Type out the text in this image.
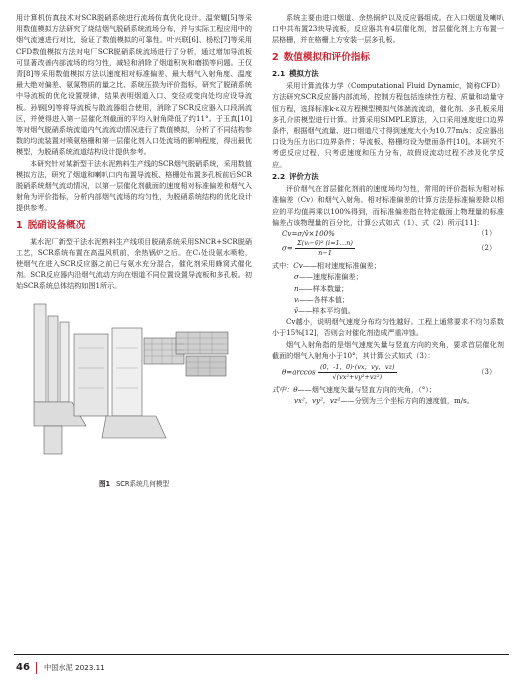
用计算机仿真技术对SCR脱硝系统进行流场仿真优化设计。温荣耀[5]等采用数值模拟方法研究了烧结烟气脱硝系统流场分布，并与实际工程应用中的烟气流速进行对比，验证了数值模拟的可靠性。叶兴联[6]、杨松[7]等采用CFD数值模拟方法对电厂SCR脱硝系统流场进行了分析，通过增加导流板可显著改善内部流场的均匀性，减轻和消除了烟道积灰和磨损等问题。王仅青[8]等采用数值模拟方法以速度相对标准偏差、最大烟气入射角度、温度最大绝对偏差、氨氮物质的量之比、系统压损为评价指标，研究了脱硝系统中导流板的优化设置规律，结果表明烟道入口、变径或变向处均应设导流板。孙钢[9]等将导流板与散流器组合使用，消除了SCR反应器入口段涡流区，并使得进入第一层催化剂截面的平均入射角降低了约11°。于玉真[10]等对烟气脱硝系统流道内气流流动情况进行了数值模拟，分析了不同结构参数的均流装置对喷氨格栅和第一层催化剂入口处流场的影响程度，得出最优模型，为脱硝系统流道结构设计提供参考。

本研究针对某新型干法水泥熟料生产线的SCR烟气脱硝系统，采用数值模拟方法，研究了烟道和喇叭口内布置导流板、格栅处布置多孔板前后SCR脱硝系统烟气流动情况，以第一层催化剂截面的速度相对标准偏差和烟气入射角为评价指标，分析内部烟气流场的均匀性，为脱硝系统结构的优化设计提供参考。

1 脱硝设备概况

某水泥厂新型干法水泥熟料生产线项目脱硝系统采用SNCR+SCR脱硝工艺，SCR系统布置在高温风机前，余热锅炉之后。在C₁处设氨水喷枪，使烟气在进入SCR反应器之前已与氨水充分混合，催化剂采用蜂窝式催化剂。SCR反应器内沿烟气流动方向在烟道不同位置设置导流板和多孔板。初始SCR系统总体结构如图1所示。

图1 SCR系统几何模型

系统主要由进口烟道、余热锅炉以及反应器组成。在入口烟道及喇叭口中共布置23块导流板，反应器共有4层催化剂，首层催化剂上方布置一层格栅，并在格栅上方安装一层多孔板。

2 数值模拟和评价指标
2.1 模拟方法

采用计算流体力学（Computational Fluid Dynamic，简称CFD）方法研究SCR反应器内部流场，控制方程包括连续性方程、质量和动量守恒方程，选择标准k-ε双方程模型模拟气体湍流流动，催化剂、多孔板采用多孔介质模型进行计算。计算采用SIMPLE算法，入口采用速度进口边界条件，根据烟气流量、进口烟道尺寸得到速度大小为10.77m/s；反应器出口设为压力出口边界条件；导流板、格栅均设为壁面条件[10]。本研究不考虑反应过程，只考虑速度和压力分布，故假设流动过程不涉及化学反应。

2.2 评价方法

评价烟气在首层催化剂前的速度场均匀性，常用的评价指标为相对标准偏差（Cv）和烟气入射角。相对标准偏差的计算方法是标准偏差除以相应的平均值再乘以100%得到，而标准偏差指在特定截面上物理量的标准偏差占该物理量的百分比，计算公式如式（1）、式（2）所示[11]：

Cv=σ/v̄×100%	（1）
$\sigma= \frac{\text{Σ(vᵢ−v̄)² (i=1…n)}}{n-1}$	（2）
式中： Cv ——相对速度标准偏差；
σ ——速度标准偏差；
n ——样本数量；
vᵢ ——各样本值；
v̄ ——样本平均值。

Cv越小，说明烟气速度分布均匀性越好。工程上通常要求不均匀系数小于15%[12]，否则会对催化剂造成严重冲蚀。

烟气入射角指的是烟气速度矢量与竖直方向的夹角，要求首层催化剂截面的烟气入射角小于10°，其计算公式如式（3）：

$\theta=\arccos \frac{(0,-1,0)\cdot(vx,vy,vz)}{\text{√(vx²+vy²+vz²)}}$	（3）
式中：θ ——烟气速度矢量与竖直方向的夹角，（°）；
vx²，vy²，vz² ——分别为三个坐标方向的速度值，m/s。
46 中国水泥 2023.11
